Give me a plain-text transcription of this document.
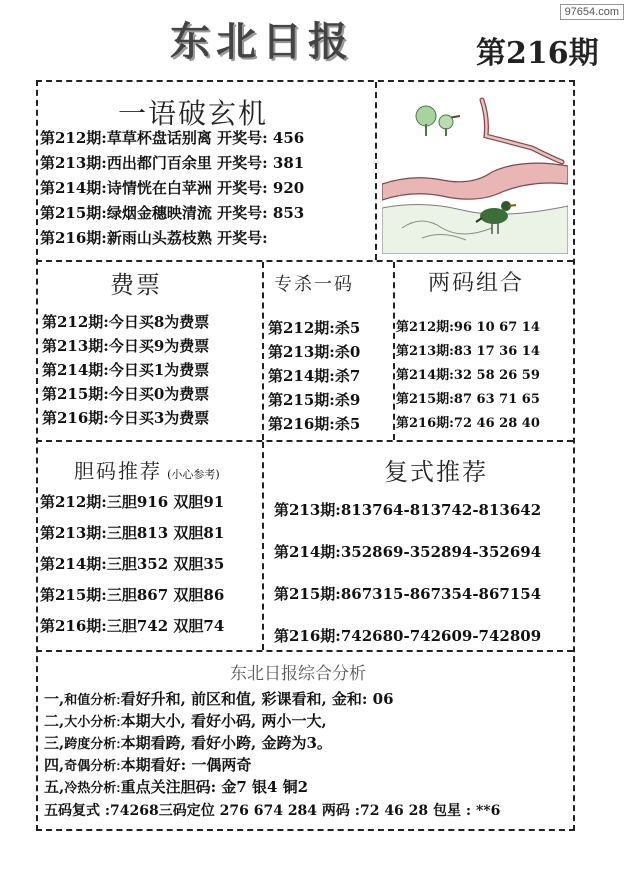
97654.com
东北日报	第216期
一语破玄机
第212期:草草杯盘话别离 开奖号: 456
第213期:西出都门百余里 开奖号: 381
第214期:诗情恍在白苹洲 开奖号: 920
第215期:绿烟金穗映清流 开奖号: 853
第216期:新雨山头荔枝熟 开奖号:
费票
第212期:今日买8为费票
第213期:今日买9为费票
第214期:今日买1为费票
第215期:今日买0为费票
第216期:今日买3为费票
专杀一码
第212期:杀5
第213期:杀0
第214期:杀7
第215期:杀9
第216期:杀5
两码组合
第212期:96 10 67 14
第213期:83 17 36 14
第214期:32 58 26 59
第215期:87 63 71 65
第216期:72 46 28 40
胆码推荐 (小心参考)
第212期:三胆916 双胆91
第213期:三胆813 双胆81
第214期:三胆352 双胆35
第215期:三胆867 双胆86
第216期:三胆742 双胆74
复式推荐
第213期:813764-813742-813642
第214期:352869-352894-352694
第215期:867315-867354-867154
第216期:742680-742609-742809
东北日报综合分析
一,和值分析:看好升和, 前区和值, 彩课看和, 金和: 06
二,大小分析:本期大小, 看好小码, 两小一大,
三,跨度分析:本期看跨, 看好小跨, 金跨为3。
四,奇偶分析:本期看好: 一偶两奇
五,冷热分析:重点关注胆码: 金7 银4 铜2
五码复式 :74268三码定位 276 674 284 两码 :72 46 28 包星 : **6
